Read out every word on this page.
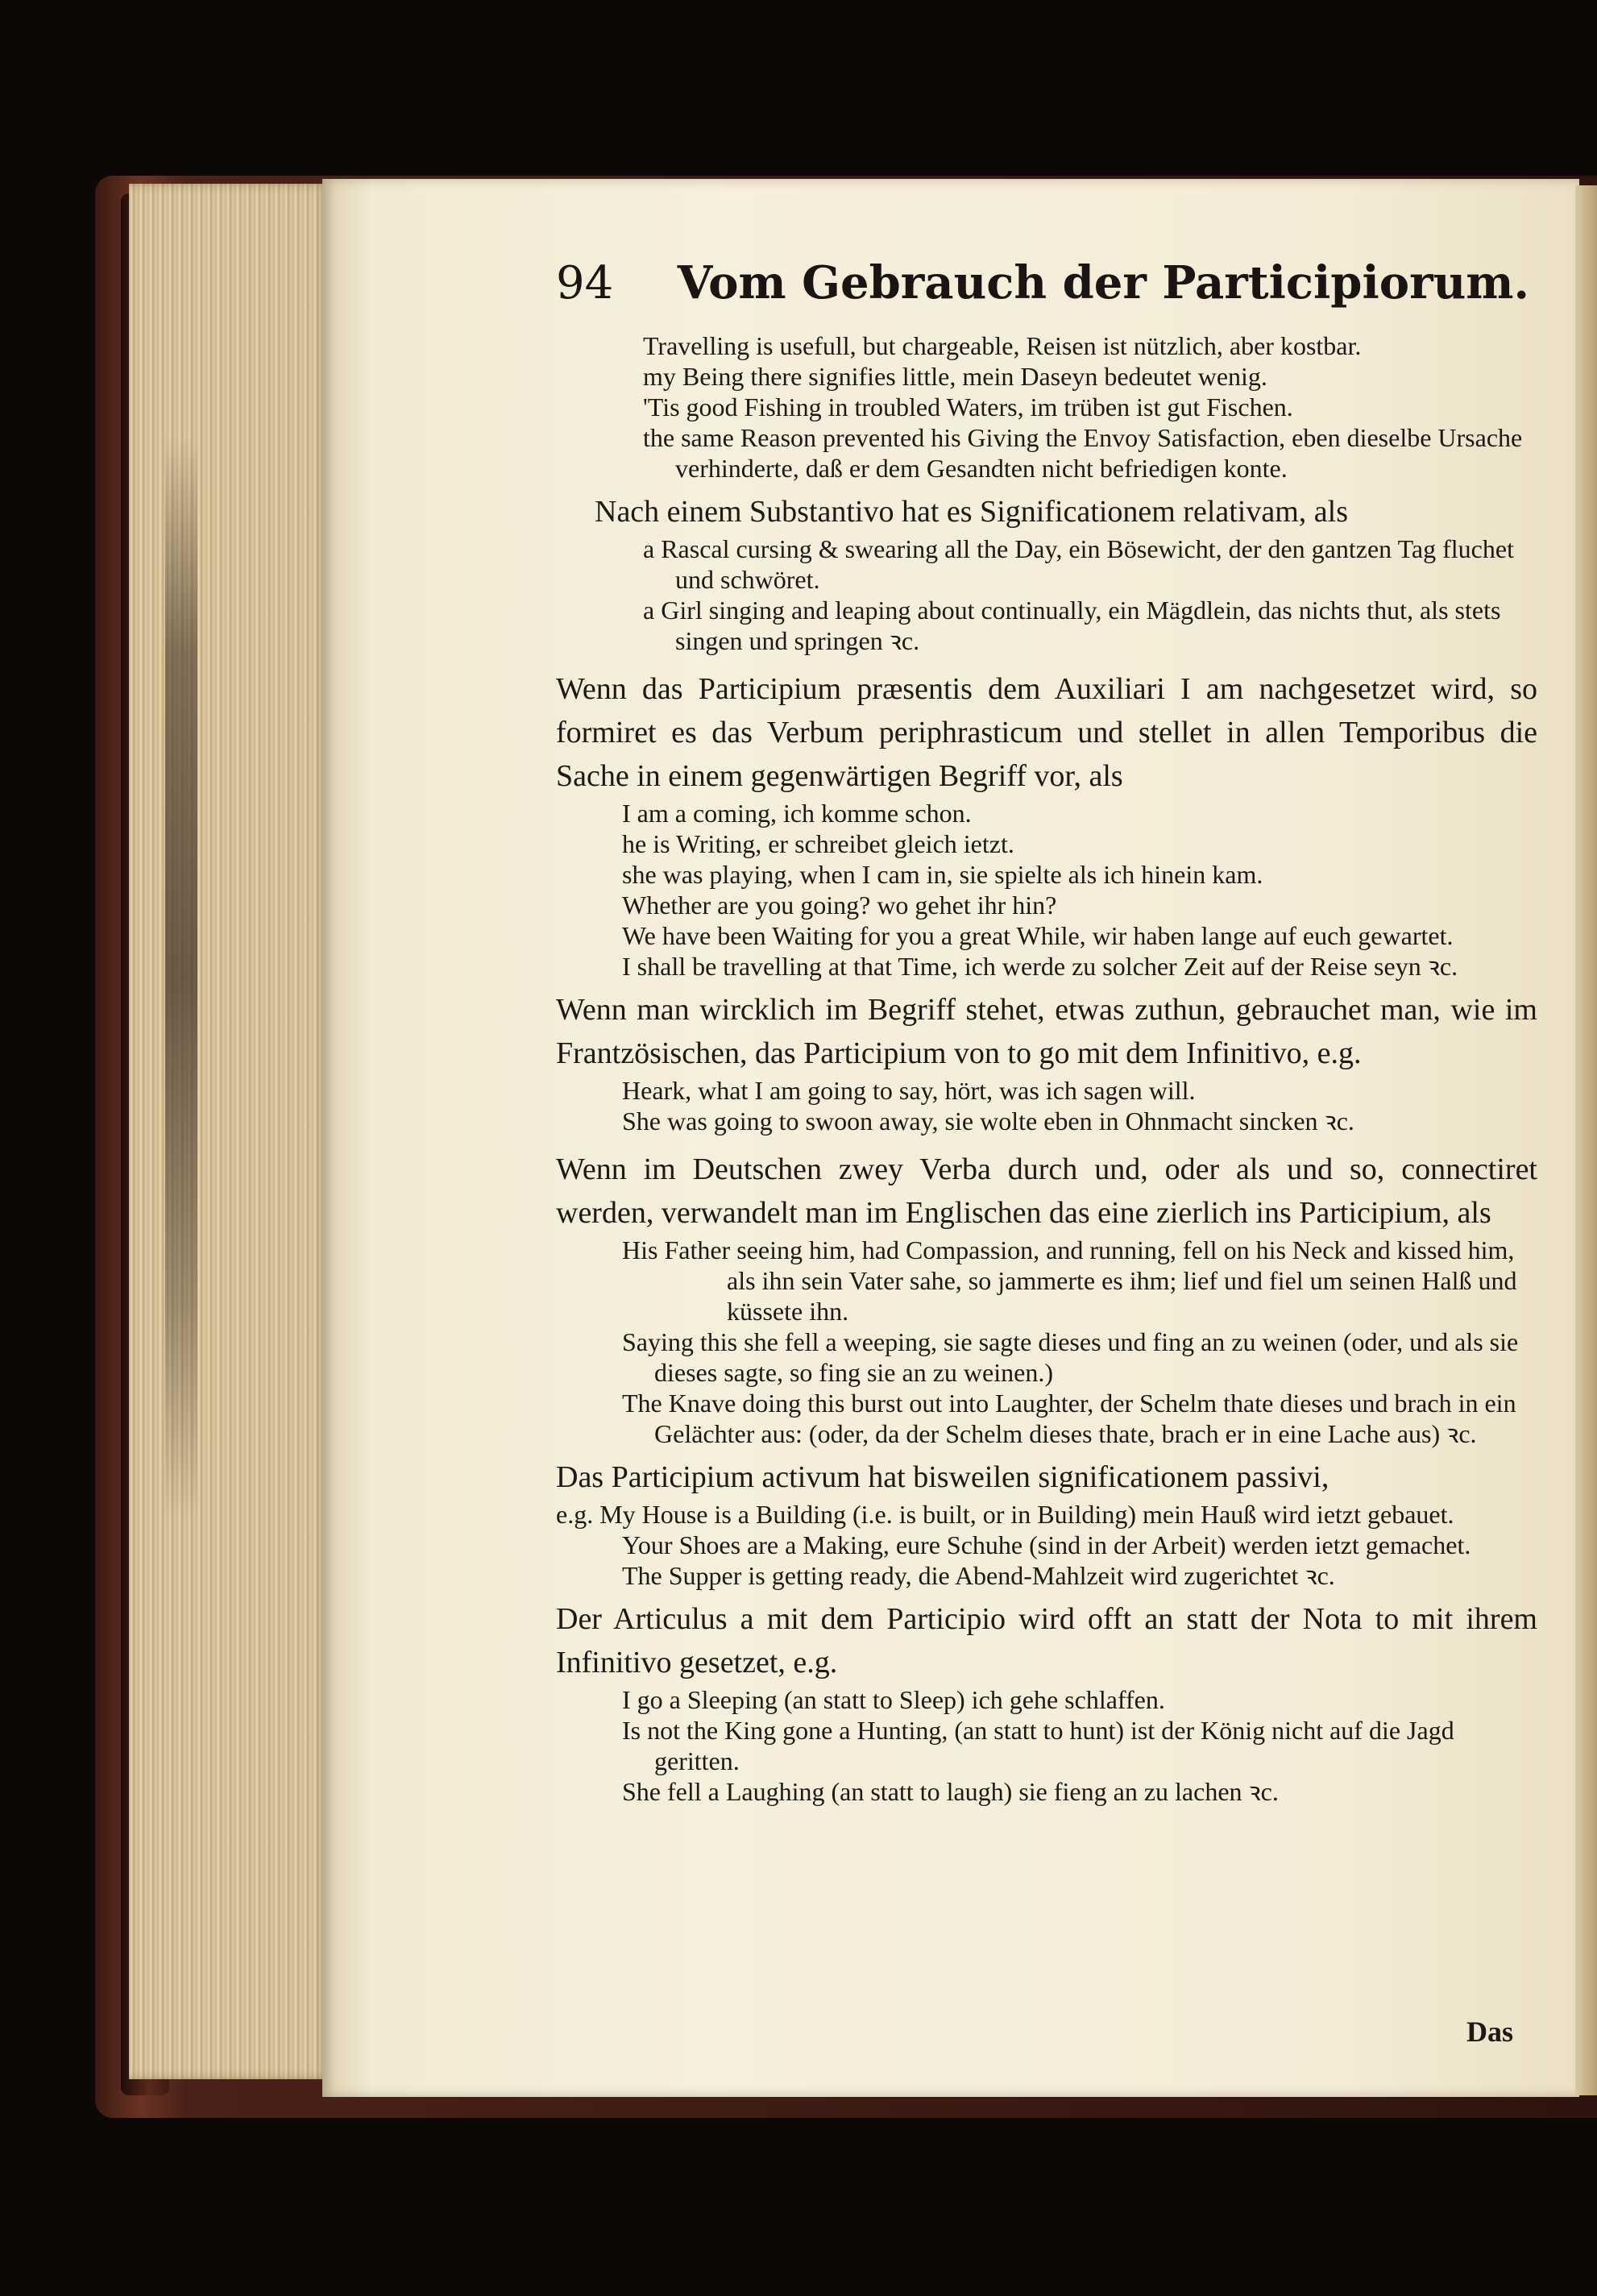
94 Vom Gebrauch der Participiorum.

Travelling is usefull, but chargeable, Reisen ist nützlich, aber kostbar.

my Being there signifies little, mein Daseyn bedeutet wenig.

'Tis good Fishing in troubled Waters, im trüben ist gut Fischen.

the same Reason prevented his Giving the Envoy Satisfaction, eben dieselbe Ursache verhinderte, daß er dem Gesandten nicht befriedigen konte.

Nach einem Substantivo hat es Significationem relativam, als

a Rascal cursing & swearing all the Day, ein Bösewicht, der den gantzen Tag fluchet und schwöret.

a Girl singing and leaping about continually, ein Mägdlein, das nichts thut, als stets singen und springen ꝛc.

Wenn das Participium præsentis dem Auxiliari I am nachgesetzet wird, so formiret es das Verbum periphrasticum und stellet in allen Temporibus die Sache in einem gegenwärtigen Begriff vor, als

I am a coming, ich komme schon.

he is Writing, er schreibet gleich ietzt.

she was playing, when I cam in, sie spielte als ich hinein kam.

Whether are you going? wo gehet ihr hin?

We have been Waiting for you a great While, wir haben lange auf euch gewartet.

I shall be travelling at that Time, ich werde zu solcher Zeit auf der Reise seyn ꝛc.

Wenn man wircklich im Begriff stehet, etwas zuthun, gebrauchet man, wie im Frantzösischen, das Participium von to go mit dem Infinitivo, e.g.

Heark, what I am going to say, hört, was ich sagen will.

She was going to swoon away, sie wolte eben in Ohnmacht sincken ꝛc.

Wenn im Deutschen zwey Verba durch und, oder als und so, connectiret werden, verwandelt man im Englischen das eine zierlich ins Participium, als

His Father seeing him, had Compassion, and running, fell on his Neck and kissed him, als ihn sein Vater sahe, so jammerte es ihm; lief und fiel um seinen Halß und küssete ihn.

Saying this she fell a weeping, sie sagte dieses und fing an zu weinen (oder, und als sie dieses sagte, so fing sie an zu weinen.)

The Knave doing this burst out into Laughter, der Schelm thate dieses und brach in ein Gelächter aus: (oder, da der Schelm dieses thate, brach er in eine Lache aus) ꝛc.

Das Participium activum hat bisweilen significationem passivi,

e.g. My House is a Building (i.e. is built, or in Building) mein Hauß wird ietzt gebauet.

Your Shoes are a Making, eure Schuhe (sind in der Arbeit) werden ietzt gemachet.

The Supper is getting ready, die Abend-Mahlzeit wird zugerichtet ꝛc.

Der Articulus a mit dem Participio wird offt an statt der Nota to mit ihrem Infinitivo gesetzet, e.g.

I go a Sleeping (an statt to Sleep) ich gehe schlaffen.

Is not the King gone a Hunting, (an statt to hunt) ist der König nicht auf die Jagd geritten.

She fell a Laughing (an statt to laugh) sie fieng an zu lachen ꝛc.

Das
